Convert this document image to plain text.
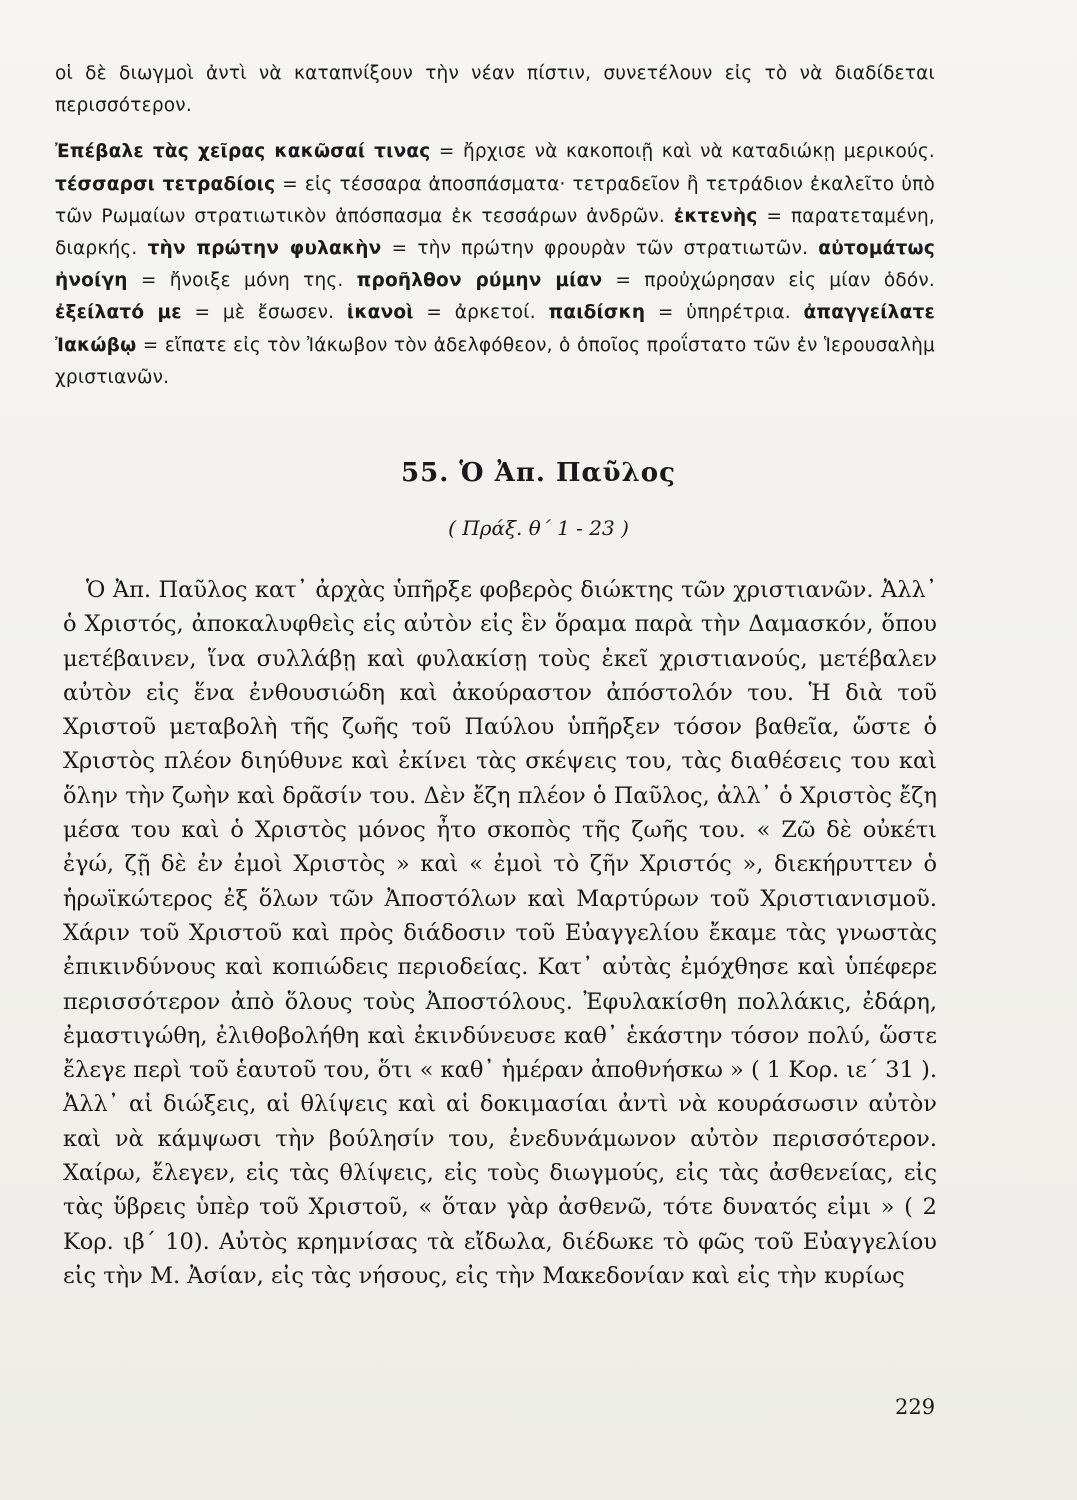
οἱ δὲ διωγμοὶ ἀντὶ νὰ καταπνίξουν τὴν νέαν πίστιν, συνετέλουν εἰς τὸ νὰ διαδίδεται περισσότερον.

Ἐπέβαλε τὰς χεῖρας κακῶσαί τινας = ἤρχισε νὰ κακοποιῇ καὶ νὰ καταδιώκῃ μερικούς. τέσσαρσι τετραδίοις = εἰς τέσσαρα ἀποσπάσματα· τετραδεῖον ἢ τετράδιον ἐκαλεῖτο ὑπὸ τῶν Ρωμαίων στρατιωτικὸν ἀπόσπασμα ἐκ τεσσάρων ἀνδρῶν. ἐκτενὴς = παρατεταμένη, διαρκής. τὴν πρώτην φυλακὴν = τὴν πρώτην φρουρὰν τῶν στρατιωτῶν. αὐτομάτως ἠνοίγη = ἤνοιξε μόνη της. προῆλθον ρύμην μίαν = προὐχώρησαν εἰς μίαν ὁδόν. ἐξείλατό με = μὲ ἔσωσεν. ἱκανοὶ = ἀρκετοί. παιδίσκη = ὑπηρέτρια. ἀπαγγείλατε Ἰακώβῳ = εἴπατε εἰς τὸν Ἰάκωβον τὸν ἀδελφόθεον, ὁ ὁποῖος προΐστατο τῶν ἐν Ἱερουσαλὴμ χριστιανῶν.

55. Ὁ Ἀπ. Παῦλος
( Πράξ. θ΄ 1 - 23 )

Ὁ Ἀπ. Παῦλος κατ᾽ ἀρχὰς ὑπῆρξε φοβερὸς διώκτης τῶν χριστιανῶν. Ἀλλ᾽ ὁ Χριστός, ἀποκαλυφθεὶς εἰς αὐτὸν εἰς ἓν ὅραμα παρὰ τὴν Δαμασκόν, ὅπου μετέβαινεν, ἵνα συλλάβῃ καὶ φυλακίσῃ τοὺς ἐκεῖ χριστιανούς, μετέβαλεν αὐτὸν εἰς ἕνα ἐνθουσιώδη καὶ ἀκούραστον ἀπόστολόν του. Ἡ διὰ τοῦ Χριστοῦ μεταβολὴ τῆς ζωῆς τοῦ Παύλου ὑπῆρξεν τόσον βαθεῖα, ὥστε ὁ Χριστὸς πλέον διηύθυνε καὶ ἐκίνει τὰς σκέψεις του, τὰς διαθέσεις του καὶ ὅλην τὴν ζωὴν καὶ δρᾶσίν του. Δὲν ἔζη πλέον ὁ Παῦλος, ἀλλ᾽ ὁ Χριστὸς ἔζη μέσα του καὶ ὁ Χριστὸς μόνος ἦτο σκοπὸς τῆς ζωῆς του. « Ζῶ δὲ οὐκέτι ἐγώ, ζῇ δὲ ἐν ἐμοὶ Χριστὸς » καὶ « ἐμοὶ τὸ ζῆν Χριστός », διεκήρυττεν ὁ ἡρωϊκώτερος ἐξ ὅλων τῶν Ἀποστόλων καὶ Μαρτύρων τοῦ Χριστιανισμοῦ. Χάριν τοῦ Χριστοῦ καὶ πρὸς διάδοσιν τοῦ Εὐαγγελίου ἔκαμε τὰς γνωστὰς ἐπικινδύνους καὶ κοπιώδεις περιοδείας. Κατ᾽ αὐτὰς ἐμόχθησε καὶ ὑπέφερε περισσότερον ἀπὸ ὅλους τοὺς Ἀποστόλους. Ἐφυλακίσθη πολλάκις, ἐδάρη, ἐμαστιγώθη, ἐλιθοβολήθη καὶ ἐκινδύνευσε καθ᾽ ἑκάστην τόσον πολύ, ὥστε ἔλεγε περὶ τοῦ ἑαυτοῦ του, ὅτι « καθ᾽ ἡμέραν ἀποθνήσκω » ( 1 Κορ. ιε΄ 31 ). Ἀλλ᾽ αἱ διώξεις, αἱ θλίψεις καὶ αἱ δοκιμασίαι ἀντὶ νὰ κουράσωσιν αὐτὸν καὶ νὰ κάμψωσι τὴν βούλησίν του, ἐνεδυνάμωνον αὐτὸν περισσότερον. Χαίρω, ἔλεγεν, εἰς τὰς θλίψεις, εἰς τοὺς διωγμούς, εἰς τὰς ἀσθενείας, εἰς τὰς ὕβρεις ὑπὲρ τοῦ Χριστοῦ, « ὅταν γὰρ ἀσθενῶ, τότε δυνατός εἰμι » ( 2 Κορ. ιβ΄ 10). Αὐτὸς κρημνίσας τὰ εἴδωλα, διέδωκε τὸ φῶς τοῦ Εὐαγγελίου εἰς τὴν Μ. Ἀσίαν, εἰς τὰς νήσους, εἰς τὴν Μακεδονίαν καὶ εἰς τὴν κυρίως

229
